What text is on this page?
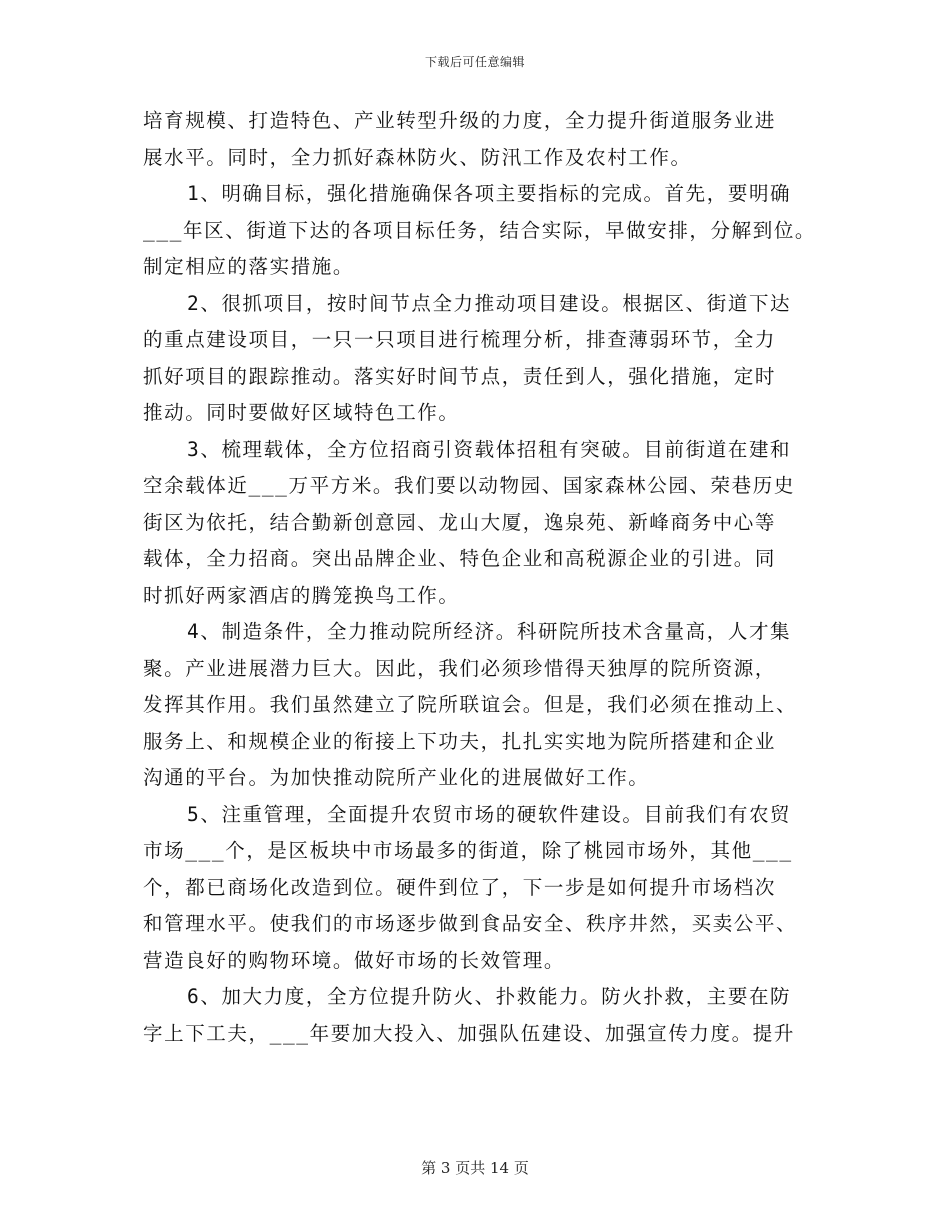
下载后可任意编辑
培育规模、打造特色、产业转型升级的力度，全力提升街道服务业进
展水平。同时，全力抓好森林防火、防汛工作及农村工作。
1、明确目标，强化措施确保各项主要指标的完成。首先，要明确
___年区、街道下达的各项目标任务，结合实际，早做安排，分解到位。
制定相应的落实措施。
2、很抓项目，按时间节点全力推动项目建设。根据区、街道下达
的重点建设项目，一只一只项目进行梳理分析，排查薄弱环节，全力
抓好项目的跟踪推动。落实好时间节点，责任到人，强化措施，定时
推动。同时要做好区域特色工作。
3、梳理载体，全方位招商引资载体招租有突破。目前街道在建和
空余载体近___万平方米。我们要以动物园、国家森林公园、荣巷历史
街区为依托，结合勤新创意园、龙山大厦，逸泉苑、新峰商务中心等
载体，全力招商。突出品牌企业、特色企业和高税源企业的引进。同
时抓好两家酒店的腾笼换鸟工作。
4、制造条件，全力推动院所经济。科研院所技术含量高，人才集
聚。产业进展潜力巨大。因此，我们必须珍惜得天独厚的院所资源，
发挥其作用。我们虽然建立了院所联谊会。但是，我们必须在推动上、
服务上、和规模企业的衔接上下功夫，扎扎实实地为院所搭建和企业
沟通的平台。为加快推动院所产业化的进展做好工作。
5、注重管理，全面提升农贸市场的硬软件建设。目前我们有农贸
市场___个，是区板块中市场最多的街道，除了桃园市场外，其他___
个，都已商场化改造到位。硬件到位了，下一步是如何提升市场档次
和管理水平。使我们的市场逐步做到食品安全、秩序井然，买卖公平、
营造良好的购物环境。做好市场的长效管理。
6、加大力度，全方位提升防火、扑救能力。防火扑救，主要在防
字上下工夫，___年要加大投入、加强队伍建设、加强宣传力度。提升
第 3 页共 14 页
